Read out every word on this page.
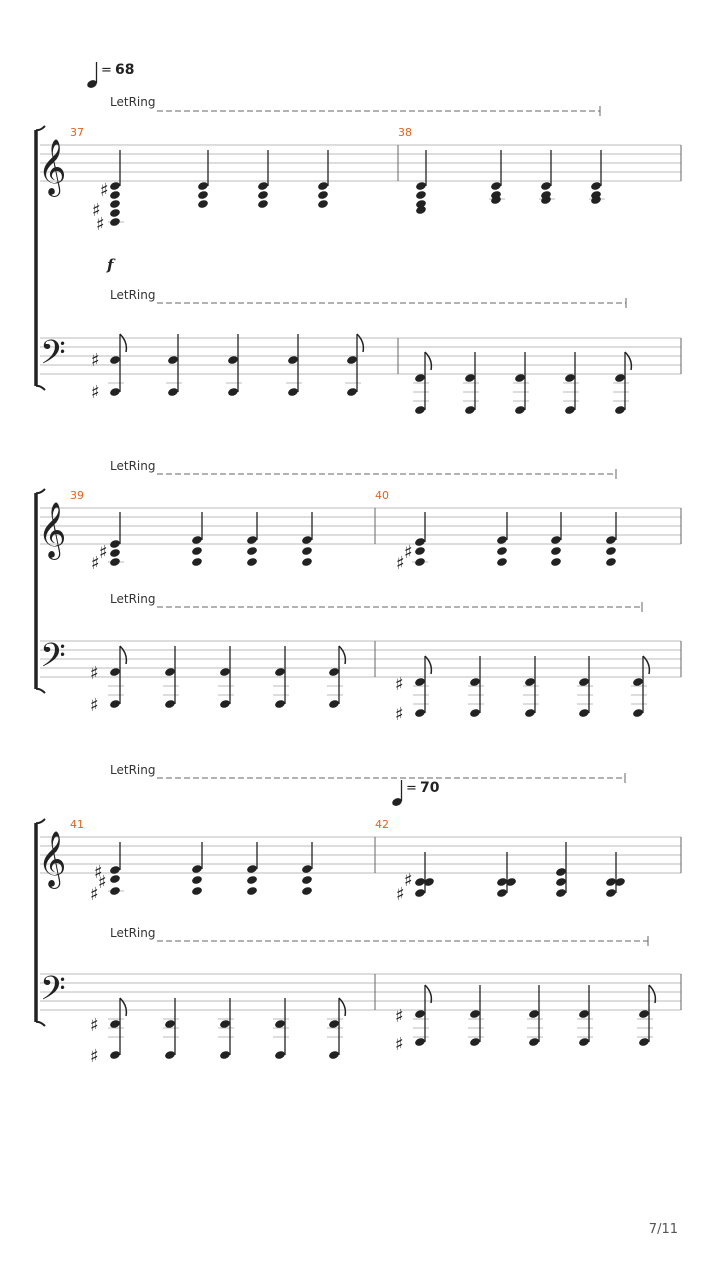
= 68
LetRing
37	38
𝄞
♯
♯
♯
f
LetRing
𝄢 ♯
♯
LetRing
39	40
𝄞
♯
♯
♯
♯
LetRing
𝄢 ♯
♯
♯
♯
LetRing
= 70
41	42
𝄞
♯
♯
♯
♯
♯
LetRing
𝄢
♯
♯
♯
♯
7/11
